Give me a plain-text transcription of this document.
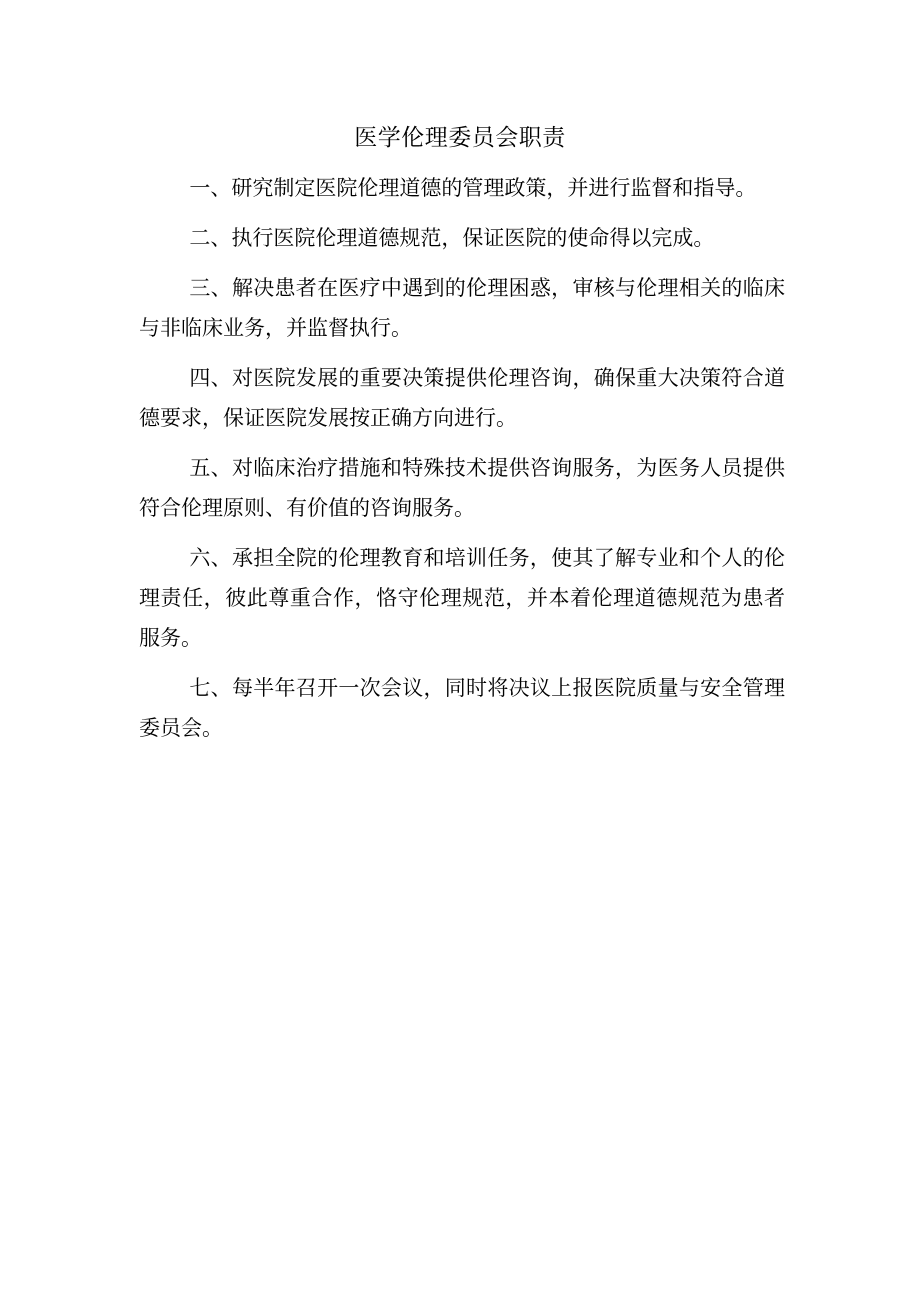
医学伦理委员会职责

一、研究制定医院伦理道德的管理政策，并进行监督和指导。

二、执行医院伦理道德规范，保证医院的使命得以完成。

三、解决患者在医疗中遇到的伦理困惑，审核与伦理相关的临床与非临床业务，并监督执行。

四、对医院发展的重要决策提供伦理咨询，确保重大决策符合道德要求，保证医院发展按正确方向进行。

五、对临床治疗措施和特殊技术提供咨询服务，为医务人员提供符合伦理原则、有价值的咨询服务。

六、承担全院的伦理教育和培训任务，使其了解专业和个人的伦理责任，彼此尊重合作，恪守伦理规范，并本着伦理道德规范为患者服务。

七、每半年召开一次会议，同时将决议上报医院质量与安全管理委员会。
